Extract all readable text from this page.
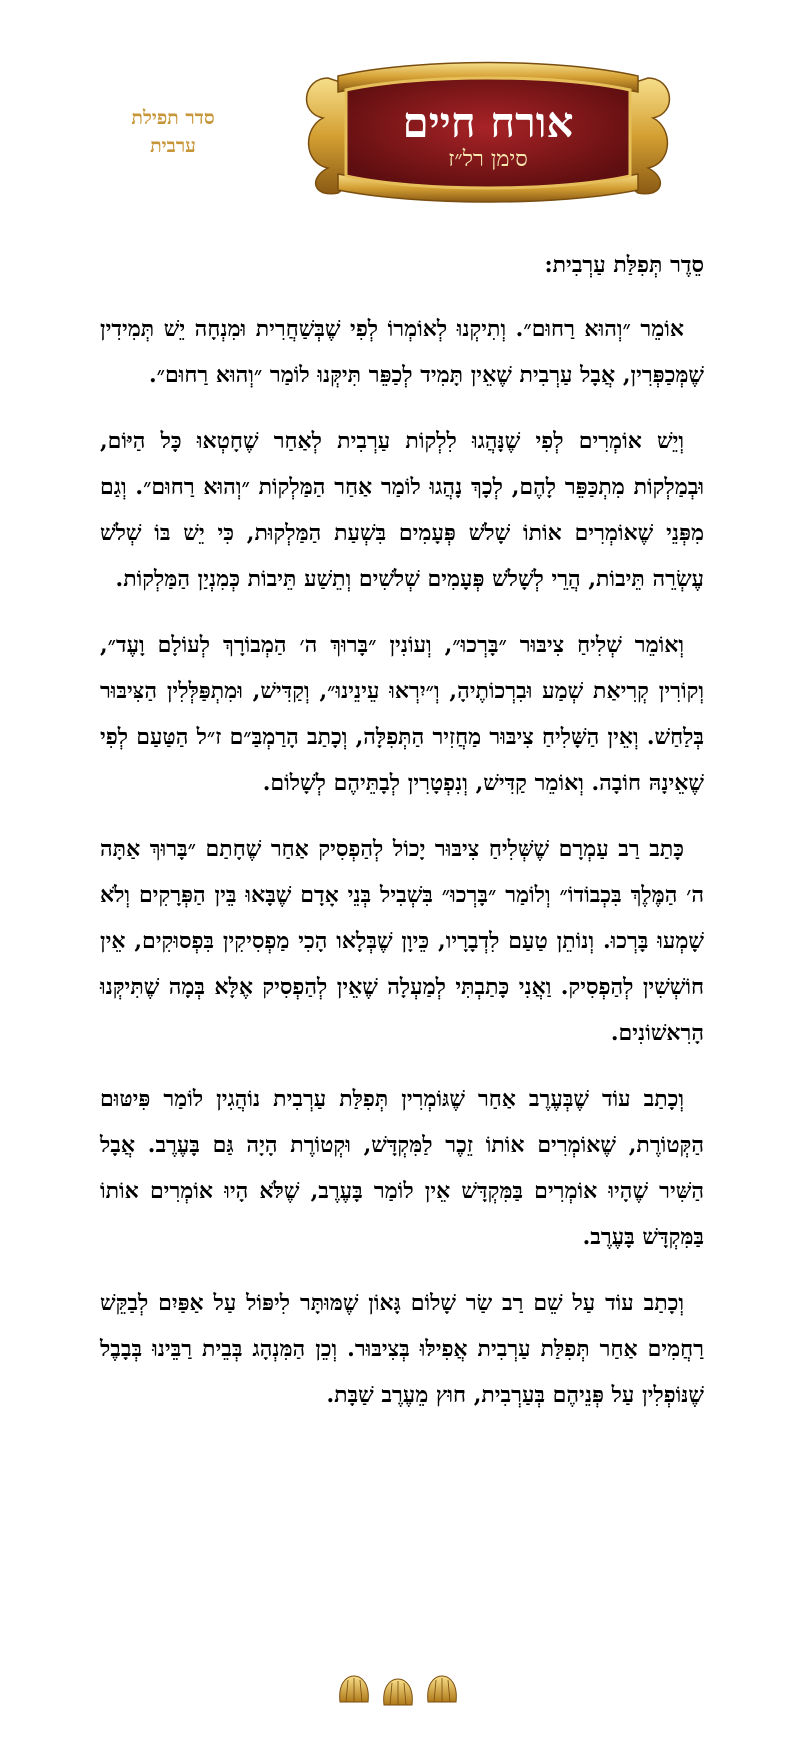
סדר תפילת
ערבית	אורח חיים
סימן רל״ז
סֵדֶר תְּפִלַּת עַרְבִית:

אוֹמֵר ״וְהוּא רַחוּם״. וְתִיקְנוּ לְאוֹמְרוֹ לְפִי שֶׁבְּשַׁחֲרִית וּמִנְחָה יֵשׁ תְּמִידִין שֶׁמְּכַפְּרִין, אֲבָל עַרְבִית שֶׁאֵין תָּמִיד לְכַפֵּר תִּיקְּנוּ לוֹמַר ״וְהוּא רַחוּם״.

וְיֵשׁ אוֹמְרִים לְפִי שֶׁנָּהֲגוּ לִלְקוֹת עַרְבִית לְאַחַר שֶׁחָטְאוּ כָּל הַיּוֹם, וּבְמַלְקוֹת מִתְכַּפֵּר לָהֶם, לְכָךְ נָהֲגוּ לוֹמַר אַחַר הַמַּלְקוֹת ״וְהוּא רַחוּם״. וְגַם מִפְּנֵי שֶׁאוֹמְרִים אוֹתוֹ שָׁלֹשׁ פְּעָמִים בִּשְׁעַת הַמַּלְקוּת, כִּי יֵשׁ בּוֹ שְׁלֹשׁ עֶשְׂרֵה תֵּיבוֹת, הֲרֵי לְשָׁלֹשׁ פְּעָמִים שְׁלֹשִׁים וְתֵשַׁע תֵּיבוֹת כְּמִנְיַן הַמַּלְקוֹת.

וְאוֹמֵר שְׁלִיחַ צִיבּוּר ״בָּרְכוּ״, וְעוֹנִין ״בָּרוּךְ ה׳ הַמְבוֹרָךְ לְעוֹלָם וָעֶד״, וְקוֹרִין קְרִיאַת שְׁמַע וּבִרְכוֹתֶיהָ, וְ״יִרְאוּ עֵינֵינוּ״, וְקַדִּישׁ, וּמִתְפַּלְּלִין הַצִּיבּוּר בְּלַחַשׁ. וְאֵין הַשָּׁלִיחַ צִיבּוּר מַחֲזִיר הַתְּפִלָּה, וְכָתַב הָרַמְבַּ״ם ז״ל הַטַּעַם לְפִי שֶׁאֵינָהּ חוֹבָה. וְאוֹמֵר קַדִּישׁ, וְנִפְטָרִין לְבָתֵּיהֶם לְשָׁלוֹם.

כָּתַב רַב עַמְרָם שֶׁשְּׁלִיחַ צִיבּוּר יָכוֹל לְהַפְסִיק אַחַר שֶׁחָתַם ״בָּרוּךְ אַתָּה ה׳ הַמֶּלֶךְ בִּכְבוֹדוֹ״ וְלוֹמַר ״בָּרְכוּ״ בִּשְׁבִיל בְּנֵי אָדָם שֶׁבָּאוּ בֵּין הַפְּרָקִים וְלֹא שָׁמְעוּ בָּרְכוּ. וְנוֹתֵן טַעַם לִדְבָרָיו, כֵּיוָן שֶׁבְּלָאו הָכִי מַפְסִיקִין בִּפְסוּקִים, אֵין חוֹשְׁשִׁין לְהַפְסִיק. וַאֲנִי כָּתַבְתִּי לְמַעְלָה שֶׁאֵין לְהַפְסִיק אֶלָּא בְּמָה שֶׁתִּיקְּנוּ הָרִאשׁוֹנִים.

וְכָתַב עוֹד שֶׁבְּעֶרֶב אַחַר שֶׁגּוֹמְרִין תְּפִלַּת עַרְבִית נוֹהֲגִין לוֹמַר פִּיטּוּם הַקְּטוֹרֶת, שֶׁאוֹמְרִים אוֹתוֹ זֵכֶר לַמִּקְדָּשׁ, וּקְטוֹרֶת הָיָה גַּם בָּעֶרֶב. אֲבָל הַשִּׁיר שֶׁהָיוּ אוֹמְרִים בַּמִּקְדָּשׁ אֵין לוֹמַר בָּעֶרֶב, שֶׁלֹּא הָיוּ אוֹמְרִים אוֹתוֹ בַּמִּקְדָּשׁ בָּעֶרֶב.

וְכָתַב עוֹד עַל שֵׁם רַב שַׂר שָׁלוֹם גָּאוֹן שֶׁמּוּתָּר לִיפּוֹל עַל אַפַּיִם לְבַקֵּשׁ רַחֲמִים אַחַר תְּפִלַּת עַרְבִית אֲפִילּוּ בְּצִיבּוּר. וְכֵן הַמִּנְהָג בְּבֵית רַבֵּינוּ בְּבָבֶל שֶׁנּוֹפְלִין עַל פְּנֵיהֶם בְּעַרְבִית, חוּץ מֵעֶרֶב שַׁבָּת.
